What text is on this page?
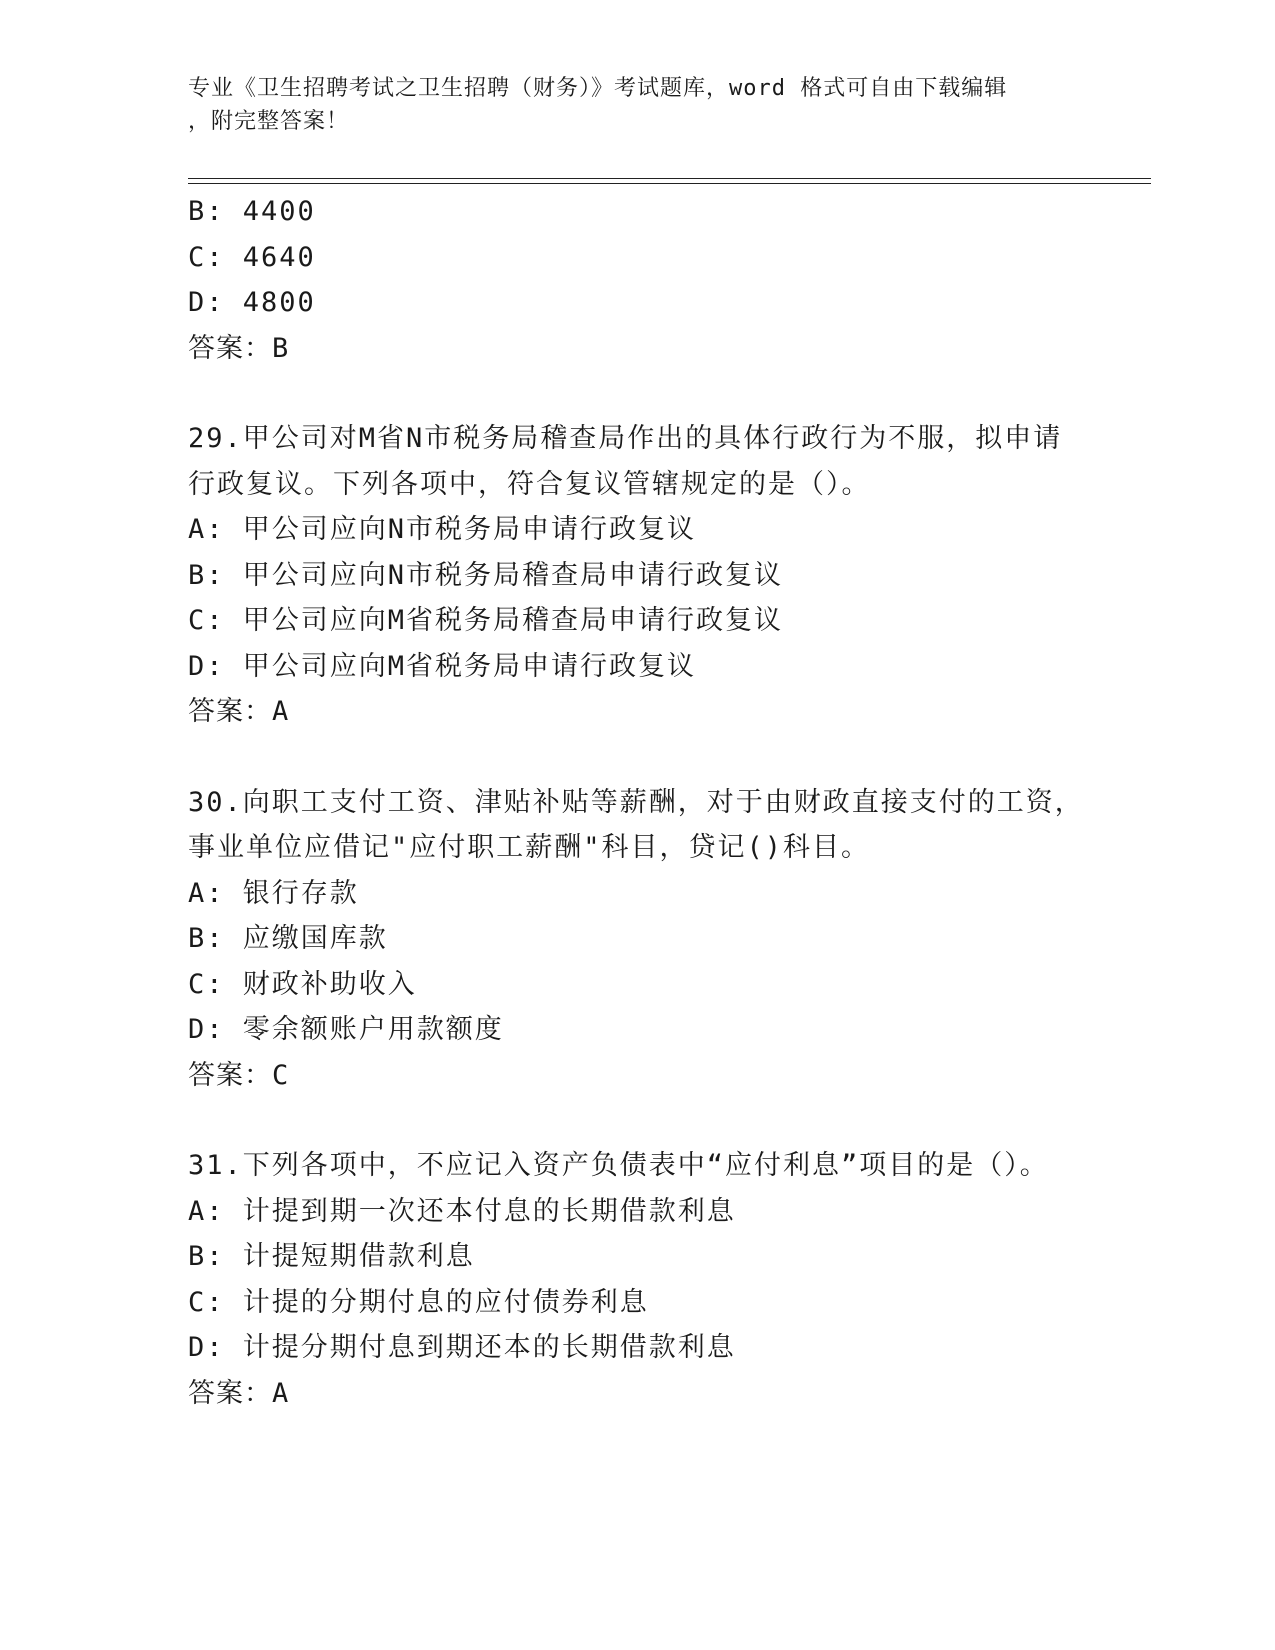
专业《卫生招聘考试之卫生招聘（财务）》考试题库，word 格式可自由下载编辑
，附完整答案！
B: 4400
C: 4640
D: 4800
答案：B
29.甲公司对M省N市税务局稽查局作出的具体行政行为不服，拟申请
行政复议。下列各项中，符合复议管辖规定的是（）。
A: 甲公司应向N市税务局申请行政复议
B: 甲公司应向N市税务局稽查局申请行政复议
C: 甲公司应向M省税务局稽查局申请行政复议
D: 甲公司应向M省税务局申请行政复议
答案：A
30.向职工支付工资、津贴补贴等薪酬，对于由财政直接支付的工资，
事业单位应借记"应付职工薪酬"科目，贷记()科目。
A: 银行存款
B: 应缴国库款
C: 财政补助收入
D: 零余额账户用款额度
答案：C
31.下列各项中，不应记入资产负债表中“应付利息”项目的是（）。
A: 计提到期一次还本付息的长期借款利息
B: 计提短期借款利息
C: 计提的分期付息的应付债券利息
D: 计提分期付息到期还本的长期借款利息
答案：A
